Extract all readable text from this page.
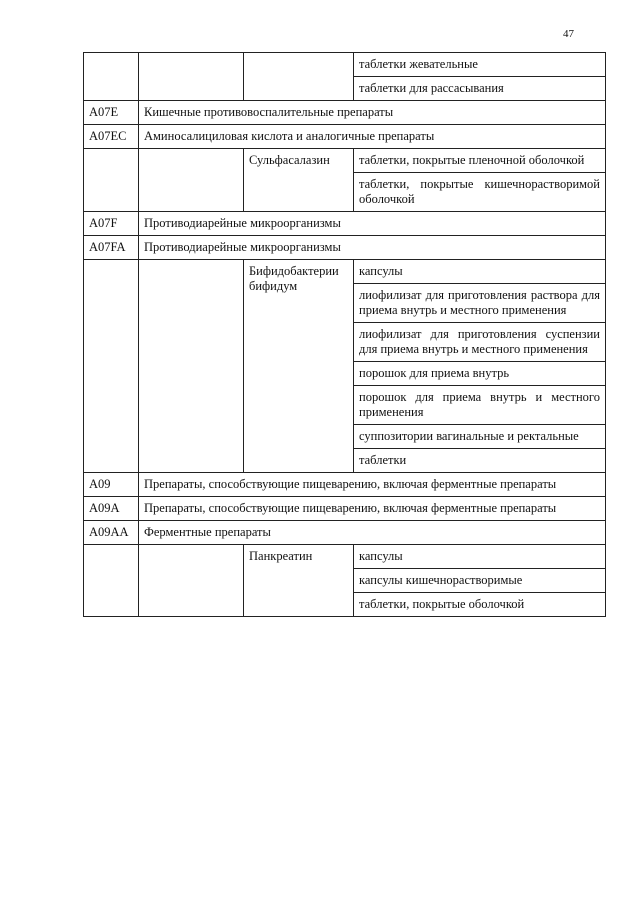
47
			таблетки жевательные
			таблетки для рассасывания
A07E	Кишечные противовоспалительные препараты		
A07EC	Аминосалициловая кислота и аналогичные препараты		
		Сульфасалазин	таблетки, покрытые пленочной оболочкой
			таблетки, покрытые кишечнорастворимой оболочкой
A07F	Противодиарейные микроорганизмы		
A07FA	Противодиарейные микроорганизмы		
		Бифидобактерии бифидум	капсулы
			лиофилизат для приготовления раствора для приема внутрь и местного применения
			лиофилизат для приготовления суспензии для приема внутрь и местного применения
			порошок для приема внутрь
			порошок для приема внутрь и местного применения
			суппозитории вагинальные и ректальные
			таблетки
A09	Препараты, способствующие пищеварению, включая ферментные препараты		
A09A	Препараты, способствующие пищеварению, включая ферментные препараты		
A09AA	Ферментные препараты		
		Панкреатин	капсулы
			капсулы кишечнорастворимые
			таблетки, покрытые оболочкой
